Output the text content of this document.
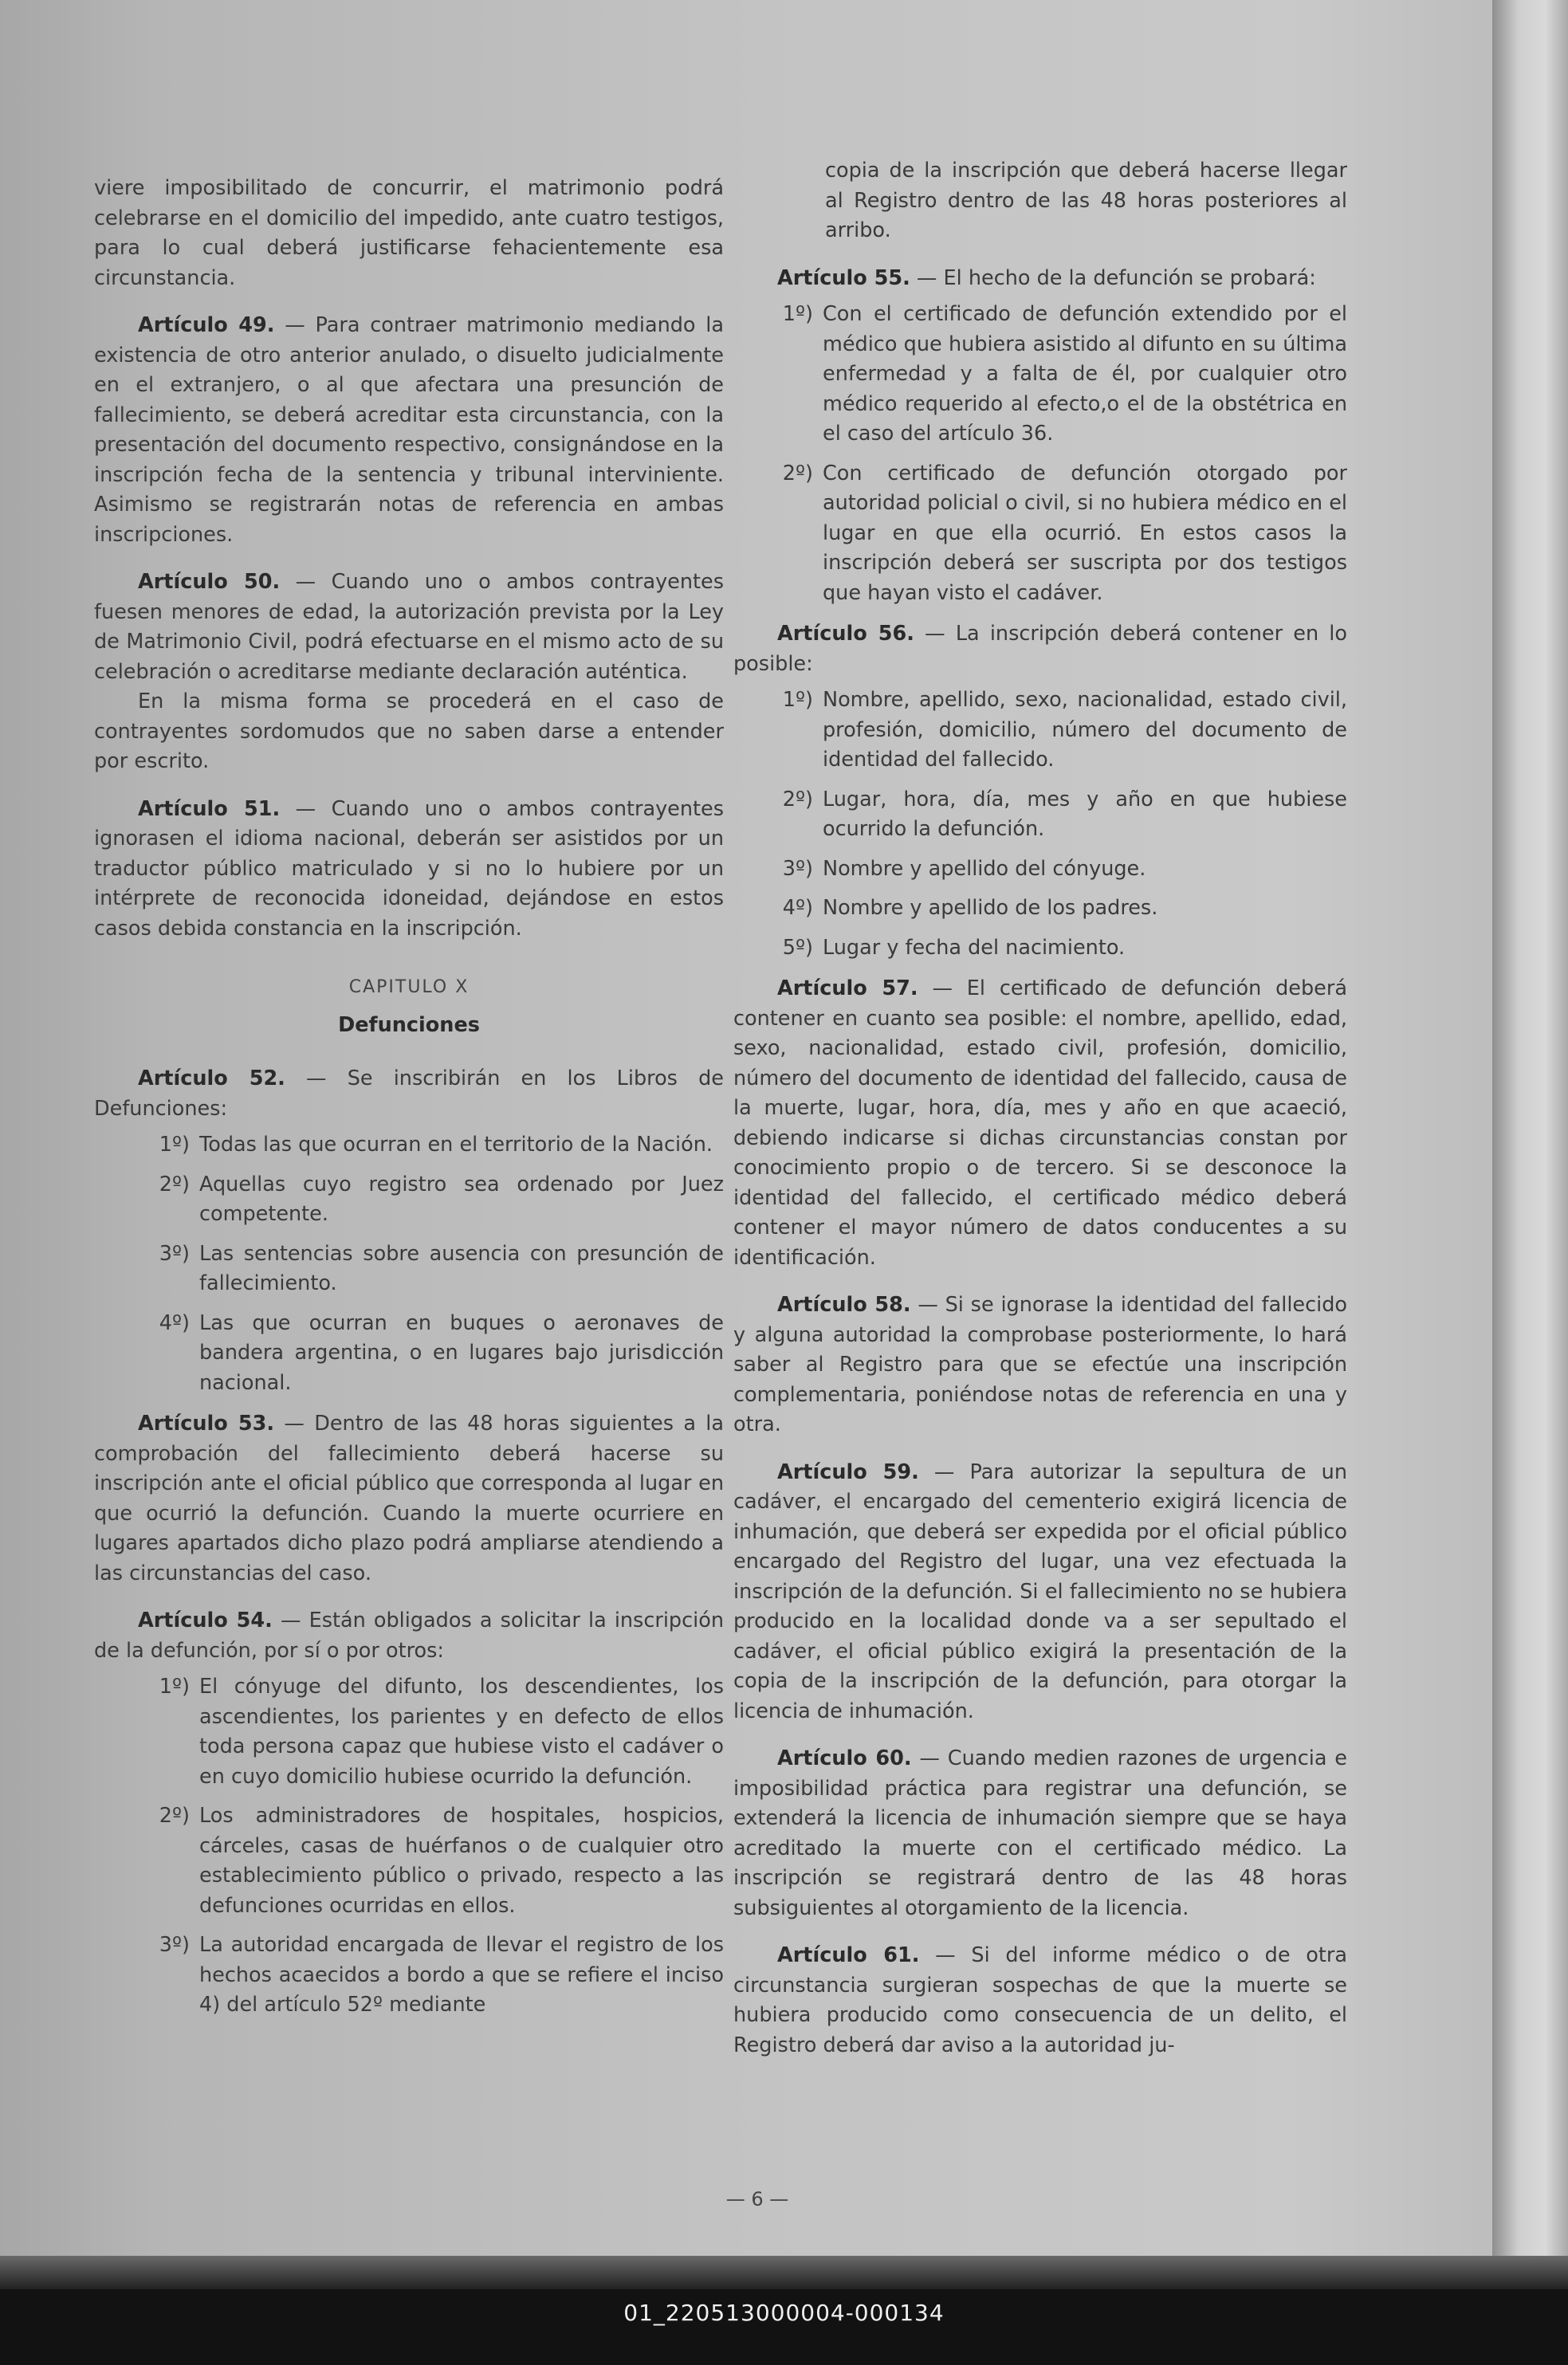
viere imposibilitado de concurrir, el matrimonio podrá celebrarse en el domicilio del impedido, ante cuatro testigos, para lo cual deberá justificarse fehacientemente esa circunstancia.

Artículo 49. — Para contraer matrimonio mediando la existencia de otro anterior anulado, o disuelto judicialmente en el extranjero, o al que afectara una presunción de fallecimiento, se deberá acreditar esta circunstancia, con la presentación del documento respectivo, consignándose en la inscripción fecha de la sentencia y tribunal interviniente. Asimismo se registrarán notas de referencia en ambas inscripciones.

Artículo 50. — Cuando uno o ambos contrayentes fuesen menores de edad, la autorización prevista por la Ley de Matrimonio Civil, podrá efectuarse en el mismo acto de su celebración o acreditarse mediante declaración auténtica.

En la misma forma se procederá en el caso de contrayentes sordomudos que no saben darse a entender por escrito.

Artículo 51. — Cuando uno o ambos contrayentes ignorasen el idioma nacional, deberán ser asistidos por un traductor público matriculado y si no lo hubiere por un intérprete de reconocida idoneidad, dejándose en estos casos debida constancia en la inscripción.

CAPITULO X
Defunciones

Artículo 52. — Se inscribirán en los Libros de Defunciones:

1º) Todas las que ocurran en el territorio de la Nación.
2º) Aquellas cuyo registro sea ordenado por Juez competente.
3º) Las sentencias sobre ausencia con presunción de fallecimiento.
4º) Las que ocurran en buques o aeronaves de bandera argentina, o en lugares bajo jurisdicción nacional.

Artículo 53. — Dentro de las 48 horas siguientes a la comprobación del fallecimiento deberá hacerse su inscripción ante el oficial público que corresponda al lugar en que ocurrió la defunción. Cuando la muerte ocurriere en lugares apartados dicho plazo podrá ampliarse atendiendo a las circunstancias del caso.

Artículo 54. — Están obligados a solicitar la inscripción de la defunción, por sí o por otros:

1º) El cónyuge del difunto, los descendientes, los ascendientes, los parientes y en defecto de ellos toda persona capaz que hubiese visto el cadáver o en cuyo domicilio hubiese ocurrido la defunción.
2º) Los administradores de hospitales, hospicios, cárceles, casas de huérfanos o de cualquier otro establecimiento público o privado, respecto a las defunciones ocurridas en ellos.
3º) La autoridad encargada de llevar el registro de los hechos acaecidos a bordo a que se refiere el inciso 4) del artículo 52º mediante

copia de la inscripción que deberá hacerse llegar al Registro dentro de las 48 horas posteriores al arribo.

Artículo 55. — El hecho de la defunción se probará:

1º) Con el certificado de defunción extendido por el médico que hubiera asistido al difunto en su última enfermedad y a falta de él, por cualquier otro médico requerido al efecto,o el de la obstétrica en el caso del artículo 36.
2º) Con certificado de defunción otorgado por autoridad policial o civil, si no hubiera médico en el lugar en que ella ocurrió. En estos casos la inscripción deberá ser suscripta por dos testigos que hayan visto el cadáver.

Artículo 56. — La inscripción deberá contener en lo posible:

1º) Nombre, apellido, sexo, nacionalidad, estado civil, profesión, domicilio, número del documento de identidad del fallecido.
2º) Lugar, hora, día, mes y año en que hubiese ocurrido la defunción.
3º) Nombre y apellido del cónyuge.
4º) Nombre y apellido de los padres.
5º) Lugar y fecha del nacimiento.

Artículo 57. — El certificado de defunción deberá contener en cuanto sea posible: el nombre, apellido, edad, sexo, nacionalidad, estado civil, profesión, domicilio, número del documento de identidad del fallecido, causa de la muerte, lugar, hora, día, mes y año en que acaeció, debiendo indicarse si dichas circunstancias constan por conocimiento propio o de tercero. Si se desconoce la identidad del fallecido, el certificado médico deberá contener el mayor número de datos conducentes a su identificación.

Artículo 58. — Si se ignorase la identidad del fallecido y alguna autoridad la comprobase posteriormente, lo hará saber al Registro para que se efectúe una inscripción complementaria, poniéndose notas de referencia en una y otra.

Artículo 59. — Para autorizar la sepultura de un cadáver, el encargado del cementerio exigirá licencia de inhumación, que deberá ser expedida por el oficial público encargado del Registro del lugar, una vez efectuada la inscripción de la defunción. Si el fallecimiento no se hubiera producido en la localidad donde va a ser sepultado el cadáver, el oficial público exigirá la presentación de la copia de la inscripción de la defunción, para otorgar la licencia de inhumación.

Artículo 60. — Cuando medien razones de urgencia e imposibilidad práctica para registrar una defunción, se extenderá la licencia de inhumación siempre que se haya acreditado la muerte con el certificado médico. La inscripción se registrará dentro de las 48 horas subsiguientes al otorgamiento de la licencia.

Artículo 61. — Si del informe médico o de otra circunstancia surgieran sospechas de que la muerte se hubiera producido como consecuencia de un delito, el Registro deberá dar aviso a la autoridad ju-

— 6 —
01_220513000004-000134
